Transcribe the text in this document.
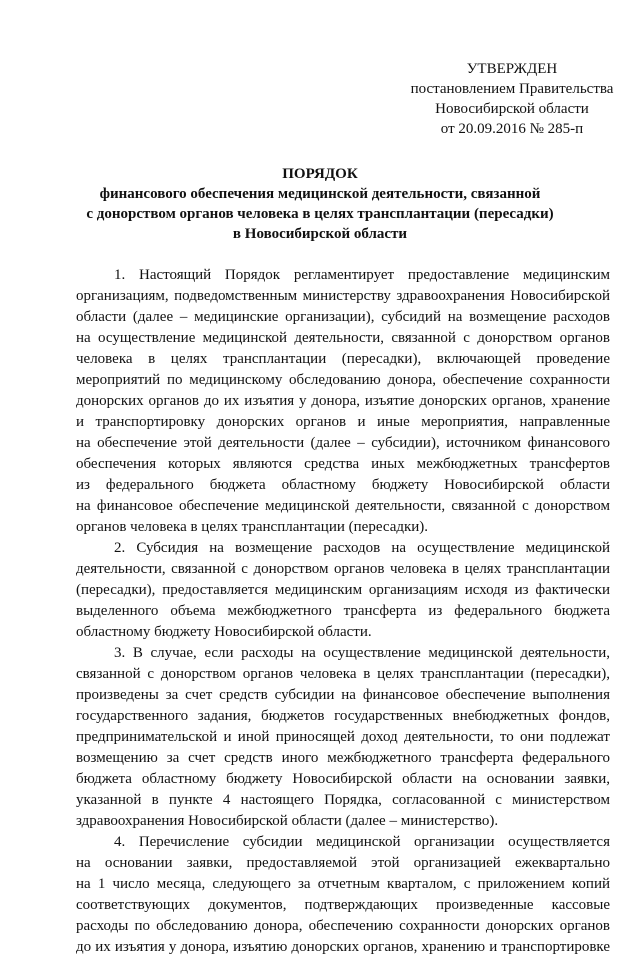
УТВЕРЖДЕН
постановлением Правительства
Новосибирской области
от 20.09.2016 № 285-п
ПОРЯДОК
финансового обеспечения медицинской деятельности, связанной
с донорством органов человека в целях трансплантации (пересадки)
в Новосибирской области
1. Настоящий Порядок регламентирует предоставление медицинским
организациям, подведомственным министерству здравоохранения Новосибирской
области (далее – медицинские организации), субсидий на возмещение расходов
на осуществление медицинской деятельности, связанной с донорством органов
человека в целях трансплантации (пересадки), включающей проведение
мероприятий по медицинскому обследованию донора, обеспечение сохранности
донорских органов до их изъятия у донора, изъятие донорских органов, хранение
и транспортировку донорских органов и иные мероприятия, направленные
на обеспечение этой деятельности (далее – субсидии), источником финансового
обеспечения которых являются средства иных межбюджетных трансфертов
из федерального бюджета областному бюджету Новосибирской области
на финансовое обеспечение медицинской деятельности, связанной с донорством
органов человека в целях трансплантации (пересадки).
2. Субсидия на возмещение расходов на осуществление медицинской
деятельности, связанной с донорством органов человека в целях трансплантации
(пересадки), предоставляется медицинским организациям исходя из фактически
выделенного объема межбюджетного трансферта из федерального бюджета
областному бюджету Новосибирской области.
3. В случае, если расходы на осуществление медицинской деятельности,
связанной с донорством органов человека в целях трансплантации (пересадки),
произведены за счет средств субсидии на финансовое обеспечение выполнения
государственного задания, бюджетов государственных внебюджетных фондов,
предпринимательской и иной приносящей доход деятельности, то они подлежат
возмещению за счет средств иного межбюджетного трансферта федерального
бюджета областному бюджету Новосибирской области на основании заявки,
указанной в пункте 4 настоящего Порядка, согласованной с министерством
здравоохранения Новосибирской области (далее – министерство).
4. Перечисление субсидии медицинской организации осуществляется
на основании заявки, предоставляемой этой организацией ежеквартально
на 1 число месяца, следующего за отчетным кварталом, с приложением копий
соответствующих документов, подтверждающих произведенные кассовые
расходы по обследованию донора, обеспечению сохранности донорских органов
до их изъятия у донора, изъятию донорских органов, хранению и транспортировке
